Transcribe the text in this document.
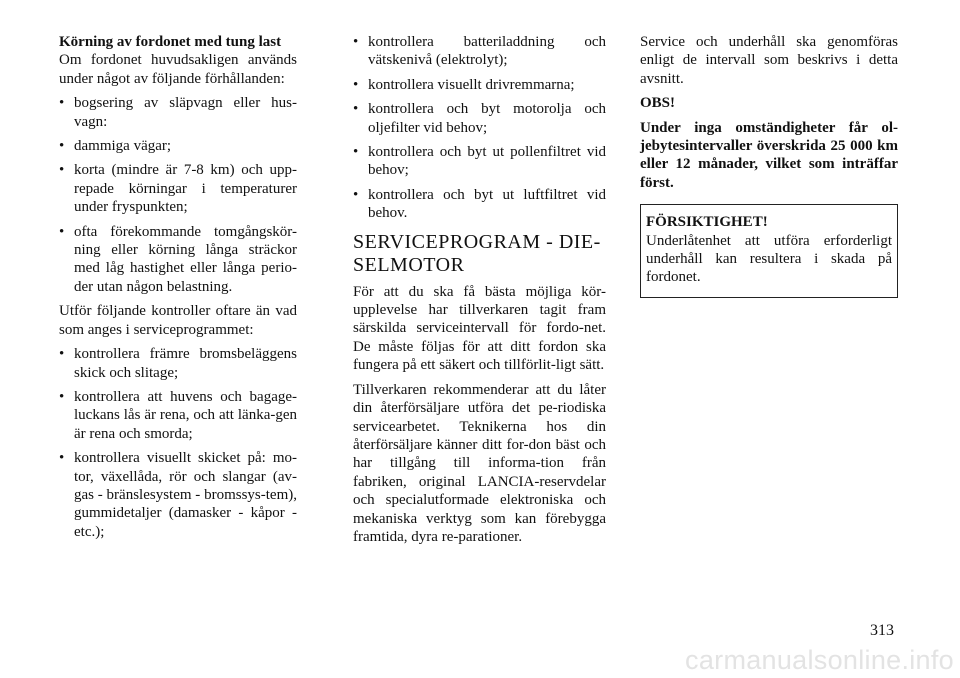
Körning av fordonet med tung last

Om fordonet huvudsakligen används under något av följande förhållanden:

• bogsering av släpvagn eller hus-vagn:
• dammiga vägar;
• korta (mindre är 7-8 km) och upp-repade körningar i temperaturer under fryspunkten;
• ofta förekommande tomgångskör-ning eller körning långa sträckor med låg hastighet eller långa perio-der utan någon belastning.

Utför följande kontroller oftare än vad som anges i serviceprogrammet:

• kontrollera främre bromsbeläggens skick och slitage;
• kontrollera att huvens och bagage-luckans lås är rena, och att länka-gen är rena och smorda;
• kontrollera visuellt skicket på: mo-tor, växellåda, rör och slangar (av-gas - bränslesystem - bromssys-tem), gummidetaljer (damasker - kåpor - etc.);
• kontrollera batteriladdning och vätskenivå (elektrolyt);
• kontrollera visuellt drivremmarna;
• kontrollera och byt motorolja och oljefilter vid behov;
• kontrollera och byt ut pollenfiltret vid behov;
• kontrollera och byt ut luftfiltret vid behov.
SERVICEPROGRAM - DIE-SELMOTOR

För att du ska få bästa möjliga kör-upplevelse har tillverkaren tagit fram särskilda serviceintervall för fordo-net. De måste följas för att ditt fordon ska fungera på ett säkert och tillförlit-ligt sätt.

Tillverkaren rekommenderar att du låter din återförsäljare utföra det pe-riodiska servicearbetet. Teknikerna hos din återförsäljare känner ditt for-don bäst och har tillgång till informa-tion från fabriken, original LANCIA-reservdelar och specialutformade elektroniska och mekaniska verktyg som kan förebygga framtida, dyra re-parationer.

Service och underhåll ska genomföras enligt de intervall som beskrivs i detta avsnitt.

OBS!

Under inga omständigheter får ol-jebytesintervaller överskrida 25 000 km eller 12 månader, vilket som inträffar först.

FÖRSIKTIGHET!

Underlåtenhet att utföra erforderligt underhåll kan resultera i skada på fordonet.

313
carmanualsonline.info
